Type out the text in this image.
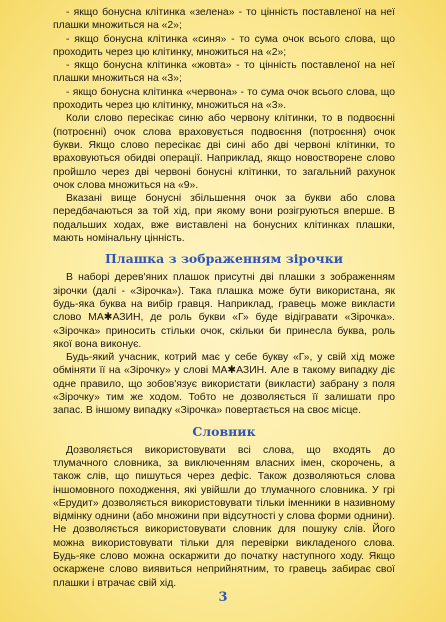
- якщо бонусна клітинка «зелена» - то цінність поставленої на неї плашки множиться на «2»;

- якщо бонусна клітинка «синя» - то сума очок всього слова, що проходить через цю клітинку, множиться на «2»;

- якщо бонусна клітинка «жовта» - то цінність поставленої на неї плашки множиться на «3»;

- якщо бонусна клітинка «червона» - то сума очок всього слова, що проходить через цю клітинку, множиться на «3».

Коли слово пересікає синю або червону клітинки, то в подвоєнні (потроєнні) очок слова враховується подвоєння (потроєння) очок букви. Якщо слово пересікає дві сині або дві червоні клітинки, то враховуються обидві операції. Наприклад, якщо новостворене слово пройшло через дві червоні бонусні клітинки, то загальний рахунок очок слова множиться на «9».

Вказані вище бонусні збільшення очок за букви або слова передбачаються за той хід, при якому вони розігруються вперше. В подальших ходах, вже виставлені на бонусних клітинках плашки, мають номінальну цінність.

Плашка з зображенням зірочки

В наборі дерев'яних плашок присутні дві плашки з зображенням зірочки (далі - «Зірочка»). Така плашка може бути використана, як будь-яка буква на вибір гравця. Наприклад, гравець може викласти слово МА✱АЗИН, де роль букви «Г» буде відігравати «Зірочка». «Зірочка» приносить стільки очок, скільки би принесла буква, роль якої вона виконує.

Будь-який учасник, котрий має у себе букву «Г», у свій хід може обміняти її на «Зірочку» у слові МА✱АЗИН. Але в такому випадку діє одне правило, що зобов'язує використати (викласти) забрану з поля «Зірочку» тим же ходом. Тобто не дозволяється її залишати про запас. В іншому випадку «Зірочка» повертається на своє місце.

Словник

Дозволяється використовувати всі слова, що входять до тлумачного словника, за виключенням власних імен, скорочень, а також слів, що пишуться через дефіс. Також дозволяються слова іншомовного походження, які увійшли до тлумачного словника. У грі «Ерудит» дозволяється використовувати тільки іменники в називному відмінку однини (або множини при відсутності у слова форми однини). Не дозволяється використовувати словник для пошуку слів. Його можна використовувати тільки для перевірки викладеного слова. Будь-яке слово можна оскаржити до початку наступного ходу. Якщо оскаржене слово виявиться неприйнятним, то гравець забирає свої плашки і втрачає свій хід.

3
